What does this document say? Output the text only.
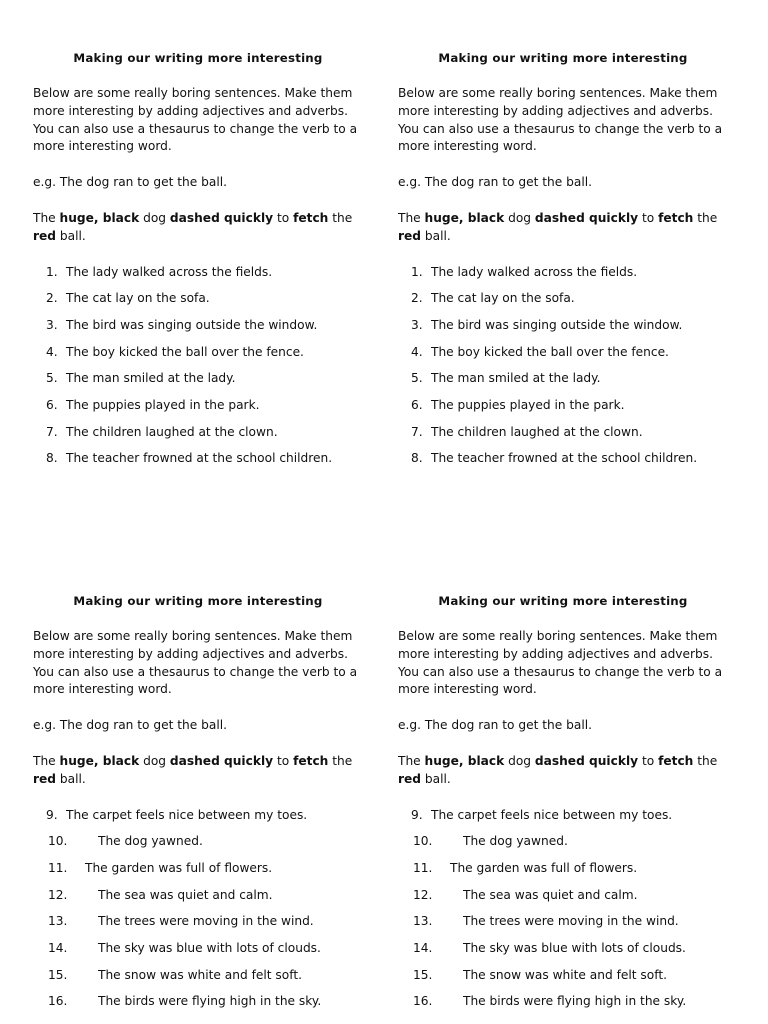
Making our writing more interesting
Below are some really boring sentences. Make them more interesting by adding adjectives and adverbs. You can also use a thesaurus to change the verb to a more interesting word.
e.g. The dog ran to get the ball.
The huge, black dog dashed quickly to fetch the red ball.
1. The lady walked across the fields.
2. The cat lay on the sofa.
3. The bird was singing outside the window.
4. The boy kicked the ball over the fence.
5. The man smiled at the lady.
6. The puppies played in the park.
7. The children laughed at the clown.
8. The teacher frowned at the school children.
Making our writing more interesting
Below are some really boring sentences. Make them more interesting by adding adjectives and adverbs. You can also use a thesaurus to change the verb to a more interesting word.
e.g. The dog ran to get the ball.
The huge, black dog dashed quickly to fetch the red ball.
1. The lady walked across the fields.
2. The cat lay on the sofa.
3. The bird was singing outside the window.
4. The boy kicked the ball over the fence.
5. The man smiled at the lady.
6. The puppies played in the park.
7. The children laughed at the clown.
8. The teacher frowned at the school children.
Making our writing more interesting
Below are some really boring sentences. Make them more interesting by adding adjectives and adverbs. You can also use a thesaurus to change the verb to a more interesting word.
e.g. The dog ran to get the ball.
The huge, black dog dashed quickly to fetch the red ball.
9. The carpet feels nice between my toes.
10.	The dog yawned.
11. The garden was full of flowers.
12.	The sea was quiet and calm.
13.	The trees were moving in the wind.
14.	The sky was blue with lots of clouds.
15.	The snow was white and felt soft.
16.	The birds were flying high in the sky.
Making our writing more interesting
Below are some really boring sentences. Make them more interesting by adding adjectives and adverbs. You can also use a thesaurus to change the verb to a more interesting word.
e.g. The dog ran to get the ball.
The huge, black dog dashed quickly to fetch the red ball.
9. The carpet feels nice between my toes.
10.	The dog yawned.
11. The garden was full of flowers.
12.	The sea was quiet and calm.
13.	The trees were moving in the wind.
14.	The sky was blue with lots of clouds.
15.	The snow was white and felt soft.
16.	The birds were flying high in the sky.
